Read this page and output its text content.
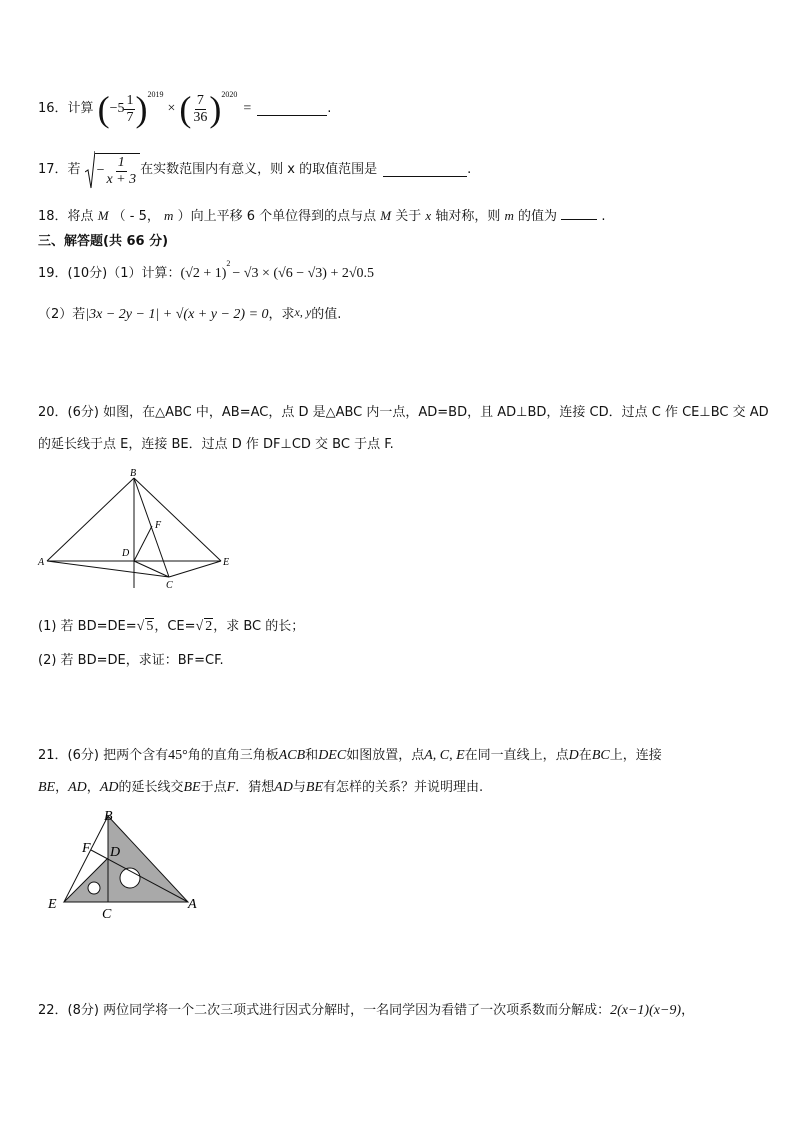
16． 计算 ( $-5 \frac{1}{7}$ ) 2019
× ( $\frac{7}{36}$ ) 2020
=	.
17． 若 − $\frac{1}{x + 3}$ 在实数范围内有意义，则 x 的取值范围是	.
18．将点 M （ - 5， m ）向上平移 6 个单位得到的点与点 M 关于 x 轴对称，则 m 的值为	.
三、解答题(共 66 分)
19．(10分)（1）计算： (√2 + 1)
2
− √3 × (√6 − √3) + 2√0.5
（2）若 |3x − 2y − 1| + √(x + y − 2) = 0 ，求 x, y 的值.
20．(6分) 如图，在△ABC 中，AB=AC，点 D 是△ABC 内一点，AD=BD，且 AD⊥BD，连接 CD．过点 C 作 CE⊥BC 交 AD
的延长线于点 E，连接 BE．过点 D 作 DF⊥CD 交 BC 于点 F.
B
A	E
C
D
F
(1) 若 BD=DE= √ 5 ，CE= √ 2 ，求 BC 的长；
(2) 若 BD=DE，求证：BF=CF.
21．(6分) 把两个含有45°角的直角三角板ACB和DEC如图放置，点A, C, E在同一直线上，点D在BC上，连接
BE，AD，AD的延长线交BE于点F．猜想AD与BE有怎样的关系？并说明理由.
B
F D
E
C
A
22．(8分) 两位同学将一个二次三项式进行因式分解时，一名同学因为看错了一次项系数而分解成：2(x−1)(x−9)，
